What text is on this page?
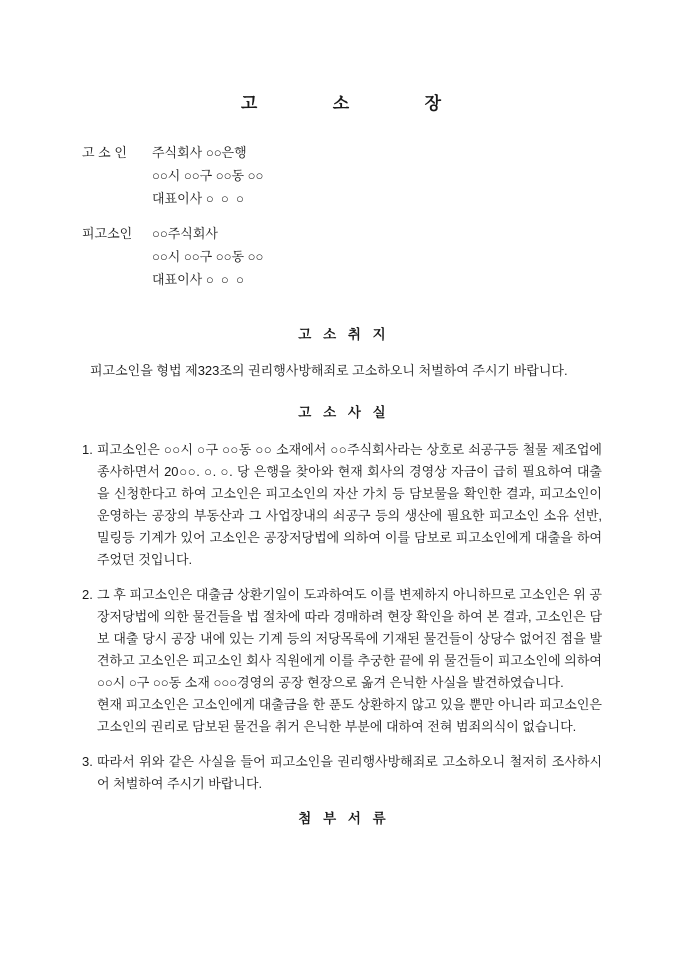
고  소  장
고 소 인	주식회사 ○○은행
○○시 ○○구 ○○동 ○○
대표이사 ○  ○  ○
피고소인	○○주식회사
○○시 ○○구 ○○동 ○○
대표이사 ○  ○  ○
고 소 취 지

피고소인을 형법 제323조의 권리행사방해죄로 고소하오니 처벌하여 주시기 바랍니다.

고 소 사 실
1. 피고소인은 ○○시 ○구 ○○동 ○○ 소재에서 ○○주식회사라는 상호로 쇠공구등 철물 제조업에 종사하면서 20○○. ○. ○. 당 은행을 찾아와 현재 회사의 경영상 자금이 급히 필요하여 대출을 신청한다고 하여 고소인은 피고소인의 자산 가치 등 담보물을 확인한 결과, 피고소인이 운영하는 공장의 부동산과 그 사업장내의 쇠공구 등의 생산에 필요한 피고소인 소유 선반, 밀링등 기계가 있어 고소인은 공장저당법에 의하여 이를 담보로 피고소인에게 대출을 하여 주었던 것입니다.
2. 그 후 피고소인은 대출금 상환기일이 도과하여도 이를 변제하지 아니하므로 고소인은 위 공장저당법에 의한 물건들을 법 절차에 따라 경매하려 현장 확인을 하여 본 결과, 고소인은 담보 대출 당시 공장 내에 있는 기계 등의 저당목록에 기재된 물건들이 상당수 없어진 점을 발견하고 고소인은 피고소인 회사 직원에게 이를 추궁한 끝에 위 물건들이 피고소인에 의하여 ○○시 ○구 ○○동 소재 ○○○경영의 공장 현장으로 옮겨 은닉한 사실을 발견하였습니다.
현재 피고소인은 고소인에게 대출금을 한 푼도 상환하지 않고 있을 뿐만 아니라 피고소인은 고소인의 권리로 담보된 물건을 취거 은닉한 부분에 대하여 전혀 범죄의식이 없습니다.
3. 따라서 위와 같은 사실을 들어 피고소인을 권리행사방해죄로 고소하오니 철저히 조사하시어 처벌하여 주시기 바랍니다.
첨 부 서 류
